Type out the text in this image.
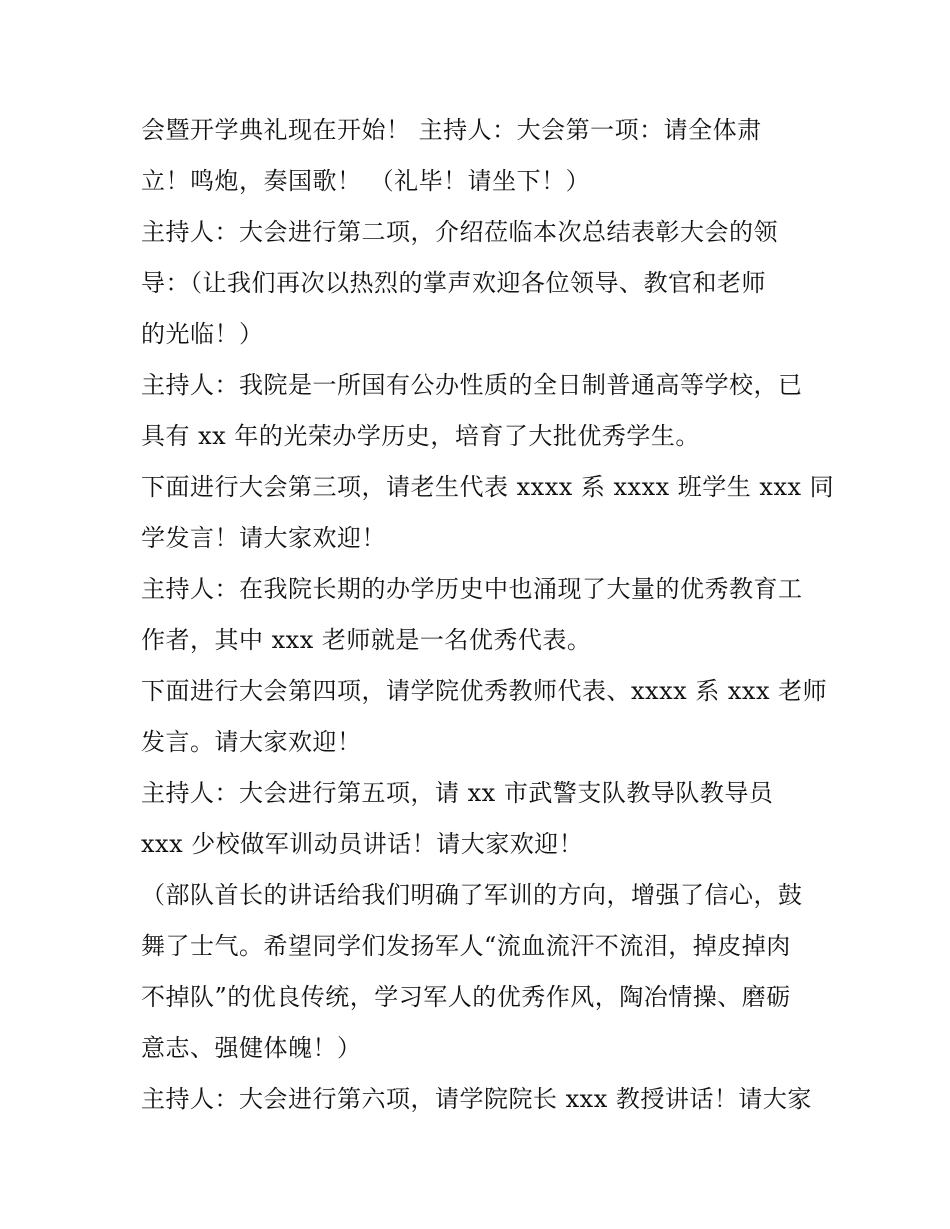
会暨开学典礼现在开始！ 主持人：大会第一项：请全体肃
立！鸣炮，奏国歌！ （礼毕！请坐下！）
主持人：大会进行第二项，介绍莅临本次总结表彰大会的领
导：（让我们再次以热烈的掌声欢迎各位领导、教官和老师
的光临！）
主持人：我院是一所国有公办性质的全日制普通高等学校，已
具有 xx 年的光荣办学历史，培育了大批优秀学生。
下面进行大会第三项，请老生代表 xxxx 系 xxxx 班学生 xxx 同
学发言！请大家欢迎！
主持人：在我院长期的办学历史中也涌现了大量的优秀教育工
作者，其中 xxx 老师就是一名优秀代表。
下面进行大会第四项，请学院优秀教师代表、xxxx 系 xxx 老师
发言。请大家欢迎！
主持人：大会进行第五项，请 xx 市武警支队教导队教导员
xxx 少校做军训动员讲话！请大家欢迎！
（部队首长的讲话给我们明确了军训的方向，增强了信心，鼓
舞了士气。希望同学们发扬军人“流血流汗不流泪，掉皮掉肉
不掉队”的优良传统，学习军人的优秀作风，陶冶情操、磨砺
意志、强健体魄！）
主持人：大会进行第六项，请学院院长 xxx 教授讲话！请大家
